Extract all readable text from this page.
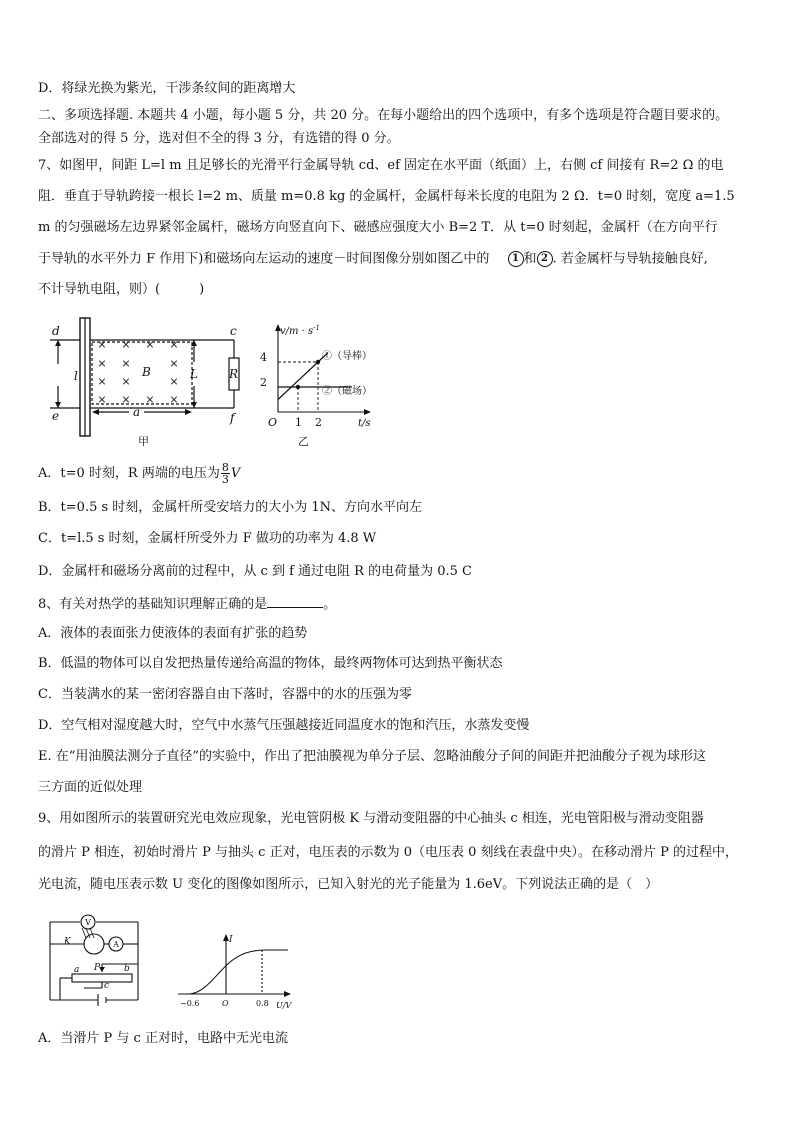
D．将绿光换为紫光，干涉条纹间的距离增大
二、多项选择题. 本题共 4 小题，每小题 5 分，共 20 分。在每小题给出的四个选项中，有多个选项是符合题目要求的。
全部选对的得 5 分，选对但不全的得 3 分，有选错的得 0 分。
7、如图甲，间距 L=l m 且足够长的光滑平行金属导轨 cd、ef 固定在水平面（纸面）上，右侧 cf 间接有 R=2 Ω 的电
阻．垂直于导轨跨接一根长 l=2 m、质量 m=0.8 kg 的金属杆，金属杆每米长度的电阻为 2 Ω．t=0 时刻，宽度 a=1.5
m 的匀强磁场左边界紧邻金属杆，磁场方向竖直向下、磁感应强度大小 B=2 T．从 t=0 时刻起，金属杆（在方向平行
于导轨的水平外力 F 作用下)和磁场向左运动的速度－时间图像分别如图乙中的 1 和 2 . 若金属杆与导轨接触良好,
不计导轨电阻，则）(　　　)
× × × ×
× ×	×
× ×	×
× × × ×
d
e
c
f
l	L	R
B
a
甲
$v/m \cdot s^{-1}$
4
2
O 1 2	t/s
①（导棒）
②（磁场）
乙
A．t=0 时刻，R 两端的电压为 $\frac{8}{3}$ V
B．t=0.5 s 时刻，金属杆所受安培力的大小为 1N、方向水平向左
C．t=l.5 s 时刻，金属杆所受外力 F 做功的功率为 4.8 W
D．金属杆和磁场分离前的过程中，从 c 到 f 通过电阻 R 的电荷量为 0.5 C
8、有关对热学的基础知识理解正确的是	。
A．液体的表面张力使液体的表面有扩张的趋势
B．低温的物体可以自发把热量传递给高温的物体，最终两物体可达到热平衡状态
C．当装满水的某一密闭容器自由下落时，容器中的水的压强为零
D．空气相对湿度越大时，空气中水蒸气压强越接近同温度水的饱和汽压，水蒸发变慢
E. 在“用油膜法测分子直径”的实验中，作出了把油膜视为单分子层、忽略油酸分子间的间距并把油酸分子视为球形这
三方面的近似处理
9、用如图所示的装置研究光电效应现象，光电管阴极 K 与滑动变阻器的中心抽头 c 相连，光电管阳极与滑动变阻器
的滑片 P 相连，初始时滑片 P 与抽头 c 正对，电压表的示数为 0（电压表 0 刻线在表盘中央）。在移动滑片 P 的过程中，
光电流，随电压表示数 U 变化的图像如图所示，已知入射光的光子能量为 1.6eV。下列说法正确的是（　）
V
A
K
a P	b
c
I
−0.6	O	0.8 U/V
A．当滑片 P 与 c 正对时，电路中无光电流
